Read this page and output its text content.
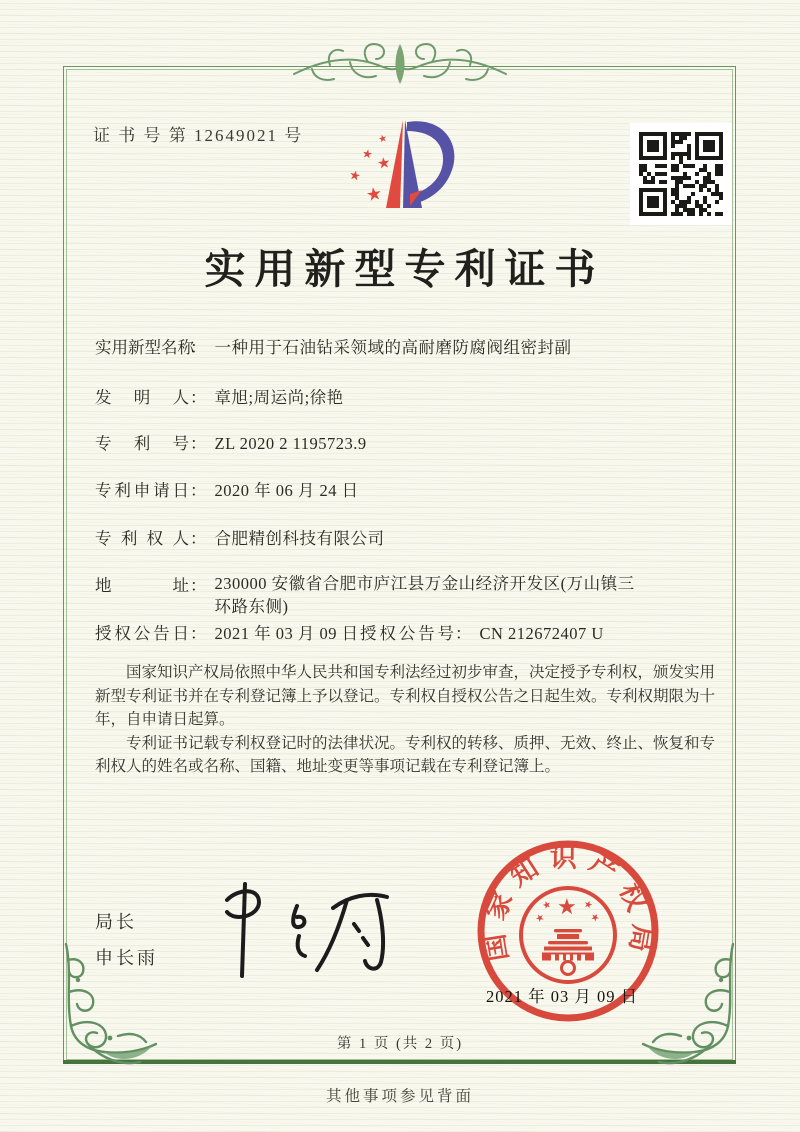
证 书 号 第 12649021 号	★
★ ★
★
★
实用新型专利证书
实用新型名称： 一种用于石油钻采领域的高耐磨防腐阀组密封副
发明人： 章旭;周运尚;徐艳
专利号： ZL 2020 2 1195723.9
专利申请日： 2020 年 06 月 24 日
专利权人： 合肥精创科技有限公司
地址： 230000 安徽省合肥市庐江县万金山经济开发区(万山镇三
环路东侧)
授权公告日： 2021 年 03 月 09 日 授权公告号： CN 212672407 U

国家知识产权局依照中华人民共和国专利法经过初步审查，决定授予专利权，颁发实用新型专利证书并在专利登记簿上予以登记。专利权自授权公告之日起生效。专利权期限为十年，自申请日起算。

专利证书记载专利权登记时的法律状况。专利权的转移、质押、无效、终止、恢复和专利权人的姓名或名称、国籍、地址变更等事项记载在专利登记簿上。

局长
申长雨	国家知识产权局
★
★	★
★	★
2021 年 03 月 09 日
第 1 页 (共 2 页)
其他事项参见背面
